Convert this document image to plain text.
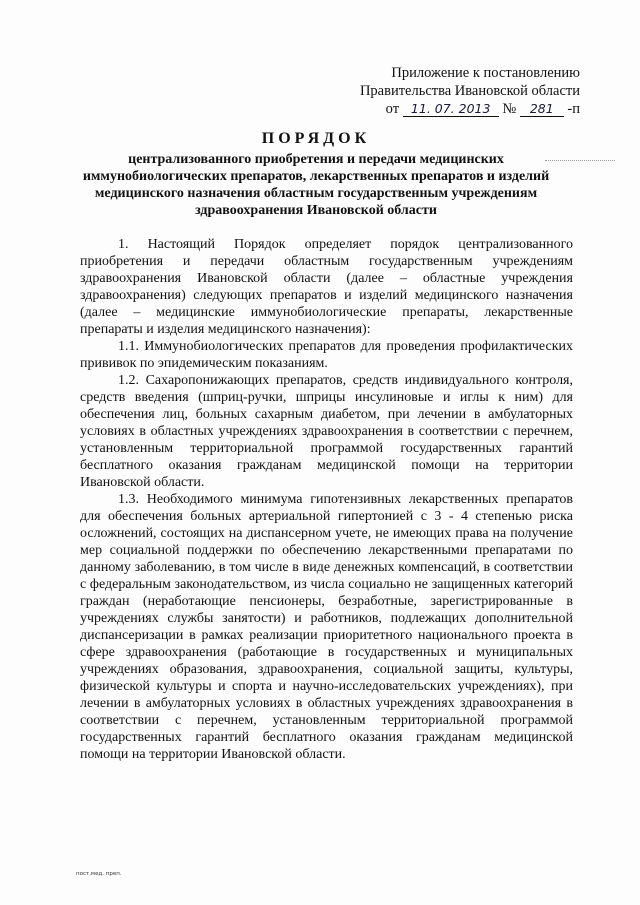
Приложение к постановлению
Правительства Ивановской области
от 11. 07. 2013 № 281 -п
ПОРЯДОК
централизованного приобретения и передачи медицинских иммунобиологических препаратов, лекарственных препаратов и изделий медицинского назначения областным государственным учреждениям здравоохранения Ивановской области

1. Настоящий Порядок определяет порядок централизованного приобретения и передачи областным государственным учреждениям здравоохранения Ивановской области (далее – областные учреждения здравоохранения) следующих препаратов и изделий медицинского назначения (далее – медицинские иммунобиологические препараты, лекарственные препараты и изделия медицинского назначения):

1.1. Иммунобиологических препаратов для проведения профилактических прививок по эпидемическим показаниям.

1.2. Сахаропонижающих препаратов, средств индивидуального контроля, средств введения (шприц-ручки, шприцы инсулиновые и иглы к ним) для обеспечения лиц, больных сахарным диабетом, при лечении в амбулаторных условиях в областных учреждениях здравоохранения в соответствии с перечнем, установленным территориальной программой государственных гарантий бесплатного оказания гражданам медицинской помощи на территории Ивановской области.

1.3. Необходимого минимума гипотензивных лекарственных препаратов для обеспечения больных артериальной гипертонией с 3 - 4 степенью риска осложнений, состоящих на диспансерном учете, не имеющих права на получение мер социальной поддержки по обеспечению лекарственными препаратами по данному заболеванию, в том числе в виде денежных компенсаций, в соответствии с федеральным законодательством, из числа социально не защищенных категорий граждан (неработающие пенсионеры, безработные, зарегистрированные в учреждениях службы занятости) и работников, подлежащих дополнительной диспансеризации в рамках реализации приоритетного национального проекта в сфере здравоохранения (работающие в государственных и муниципальных учреждениях образования, здравоохранения, социальной защиты, культуры, физической культуры и спорта и научно-исследовательских учреждениях), при лечении в амбулаторных условиях в областных учреждениях здравоохранения в соответствии с перечнем, установленным территориальной программой государственных гарантий бесплатного оказания гражданам медицинской помощи на территории Ивановской области.

пост.мед. преп.
